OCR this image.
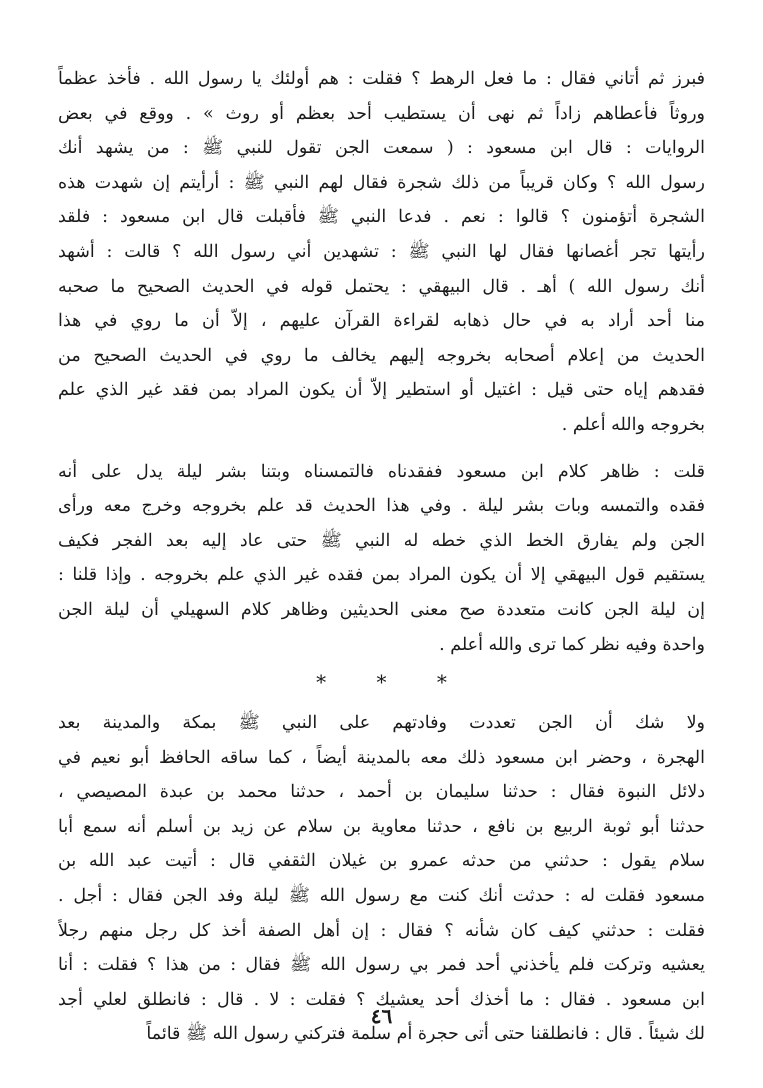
فبرز ثم أتاني فقال : ما فعل الرهط ؟ فقلت : هم أولئك يا رسول الله . فأخذ عظماً
وروثاً فأعطاهم زاداً ثم نهى أن يستطيب أحد بعظم أو روث » . ووقع في بعض
الروايات : قال ابن مسعود : ( سمعت الجن تقول للنبي ﷺ : من يشهد أنك
رسول الله ؟ وكان قريباً من ذلك شجرة فقال لهم النبي ﷺ : أرأيتم إن شهدت هذه
الشجرة أتؤمنون ؟ قالوا : نعم . فدعا النبي ﷺ فأقبلت قال ابن مسعود : فلقد
رأيتها تجر أغصانها فقال لها النبي ﷺ : تشهدين أني رسول الله ؟ قالت : أشهد
أنك رسول الله ) أهـ . قال البيهقي : يحتمل قوله في الحديث الصحيح ما صحبه
منا أحد أراد به في حال ذهابه لقراءة القرآن عليهم ، إلاّ أن ما روي في هذا
الحديث من إعلام أصحابه بخروجه إليهم يخالف ما روي في الحديث الصحيح من
فقدهم إياه حتى قيل : اغتيل أو استطير إلاّ أن يكون المراد بمن فقد غير الذي علم
بخروجه والله أعلم .
قلت : ظاهر كلام ابن مسعود ففقدناه فالتمسناه وبتنا بشر ليلة يدل على أنه
فقده والتمسه وبات بشر ليلة . وفي هذا الحديث قد علم بخروجه وخرج معه ورأى
الجن ولم يفارق الخط الذي خطه له النبي ﷺ حتى عاد إليه بعد الفجر فكيف
يستقيم قول البيهقي إلا أن يكون المراد بمن فقده غير الذي علم بخروجه . وإذا قلنا :
إن ليلة الجن كانت متعددة صح معنى الحديثين وظاهر كلام السهيلي أن ليلة الجن
واحدة وفيه نظر كما ترى والله أعلم .
* * *
ولا شك أن الجن تعددت وفادتهم على النبي ﷺ بمكة والمدينة بعد
الهجرة ، وحضر ابن مسعود ذلك معه بالمدينة أيضاً ، كما ساقه الحافظ أبو نعيم في
دلائل النبوة فقال : حدثنا سليمان بن أحمد ، حدثنا محمد بن عبدة المصيصي ،
حدثنا أبو ثوبة الربيع بن نافع ، حدثنا معاوية بن سلام عن زيد بن أسلم أنه سمع أبا
سلام يقول : حدثني من حدثه عمرو بن غيلان الثقفي قال : أتيت عبد الله بن
مسعود فقلت له : حدثت أنك كنت مع رسول الله ﷺ ليلة وفد الجن فقال : أجل .
فقلت : حدثني كيف كان شأنه ؟ فقال : إن أهل الصفة أخذ كل رجل منهم رجلاً
يعشيه وتركت فلم يأخذني أحد فمر بي رسول الله ﷺ فقال : من هذا ؟ فقلت : أنا
ابن مسعود . فقال : ما أخذك أحد يعشيك ؟ فقلت : لا . قال : فانطلق لعلي أجد
لك شيئاً . قال : فانطلقنا حتى أتى حجرة أم سلمة فتركني رسول الله ﷺ قائماً
٤٦
